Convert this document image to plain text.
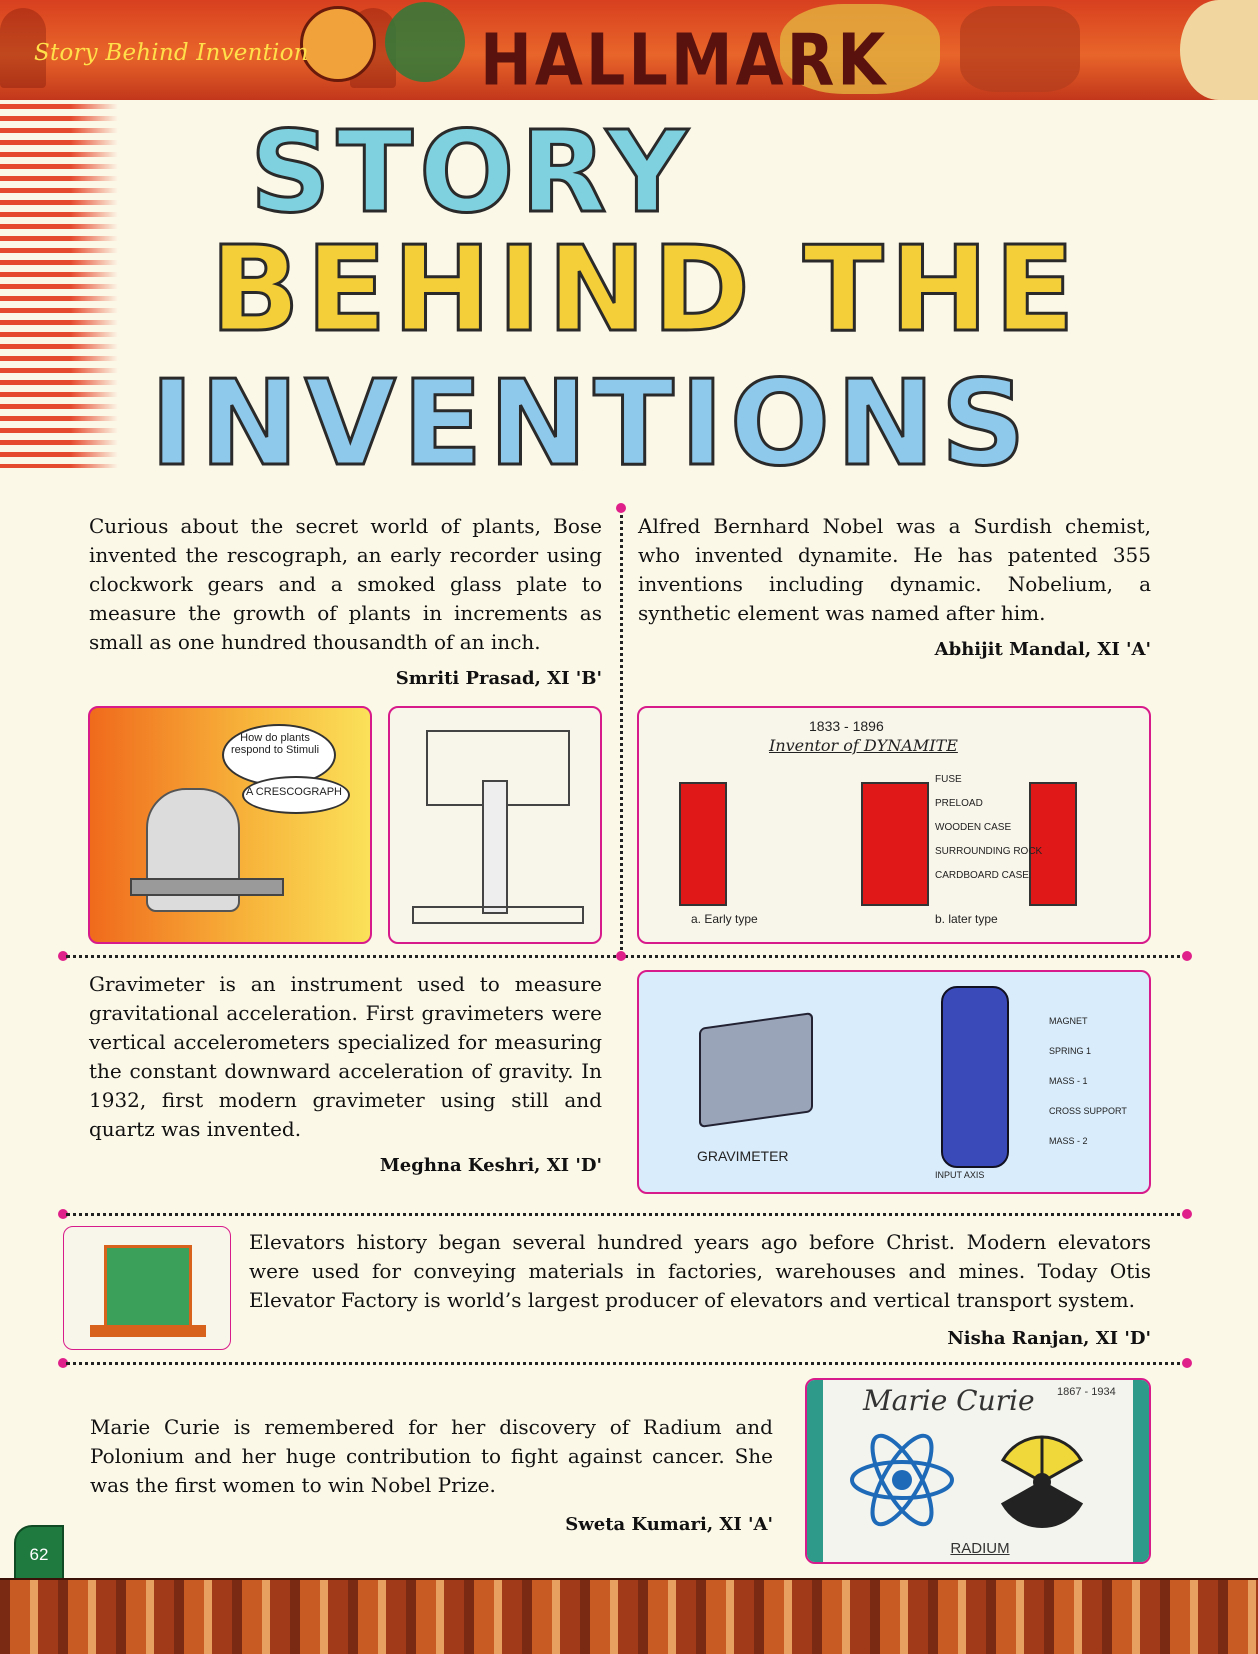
Story Behind Invention	HALLMARK
STORY
BEHIND THE
INVENTIONS
Curious about the secret world of plants, Bose invented the rescograph, an early recorder using clockwork gears and a smoked glass plate to measure the growth of plants in increments as small as one hundred thousandth of an inch.
Smriti Prasad, XI 'B'
Alfred Bernhard Nobel was a Surdish chemist, who invented dynamite. He has patented 355 inventions including dynamic. Nobelium, a synthetic element was named after him.
Abhijit Mandal, XI 'A'
How do plants respond to Stimuli
A CRESCOGRAPH
1833 - 1896
Inventor of DYNAMITE
FUSE
PRELOAD
WOODEN CASE
SURROUNDING ROCK
CARDBOARD CASE
a. Early type	b. later type
Gravimeter is an instrument used to measure gravitational acceleration. First gravimeters were vertical accelerometers specialized for measuring the constant downward acceleration of gravity. In 1932, first modern gravimeter using still and quartz was invented.
Meghna Keshri, XI 'D'	GRAVIMETER
MAGNET
SPRING 1
MASS - 1
CROSS SUPPORT
MASS - 2
INPUT AXIS
Elevators history began several hundred years ago before Christ. Modern elevators were used for conveying materials in factories, warehouses and mines. Today Otis Elevator Factory is world’s largest producer of elevators and vertical transport system.
Nisha Ranjan, XI 'D'
Marie Curie is remembered for her discovery of Radium and Polonium and her huge contribution to fight against cancer. She was the first women to win Nobel Prize.
Sweta Kumari, XI 'A'
Marie Curie 1867 - 1934
RADIUM
62
